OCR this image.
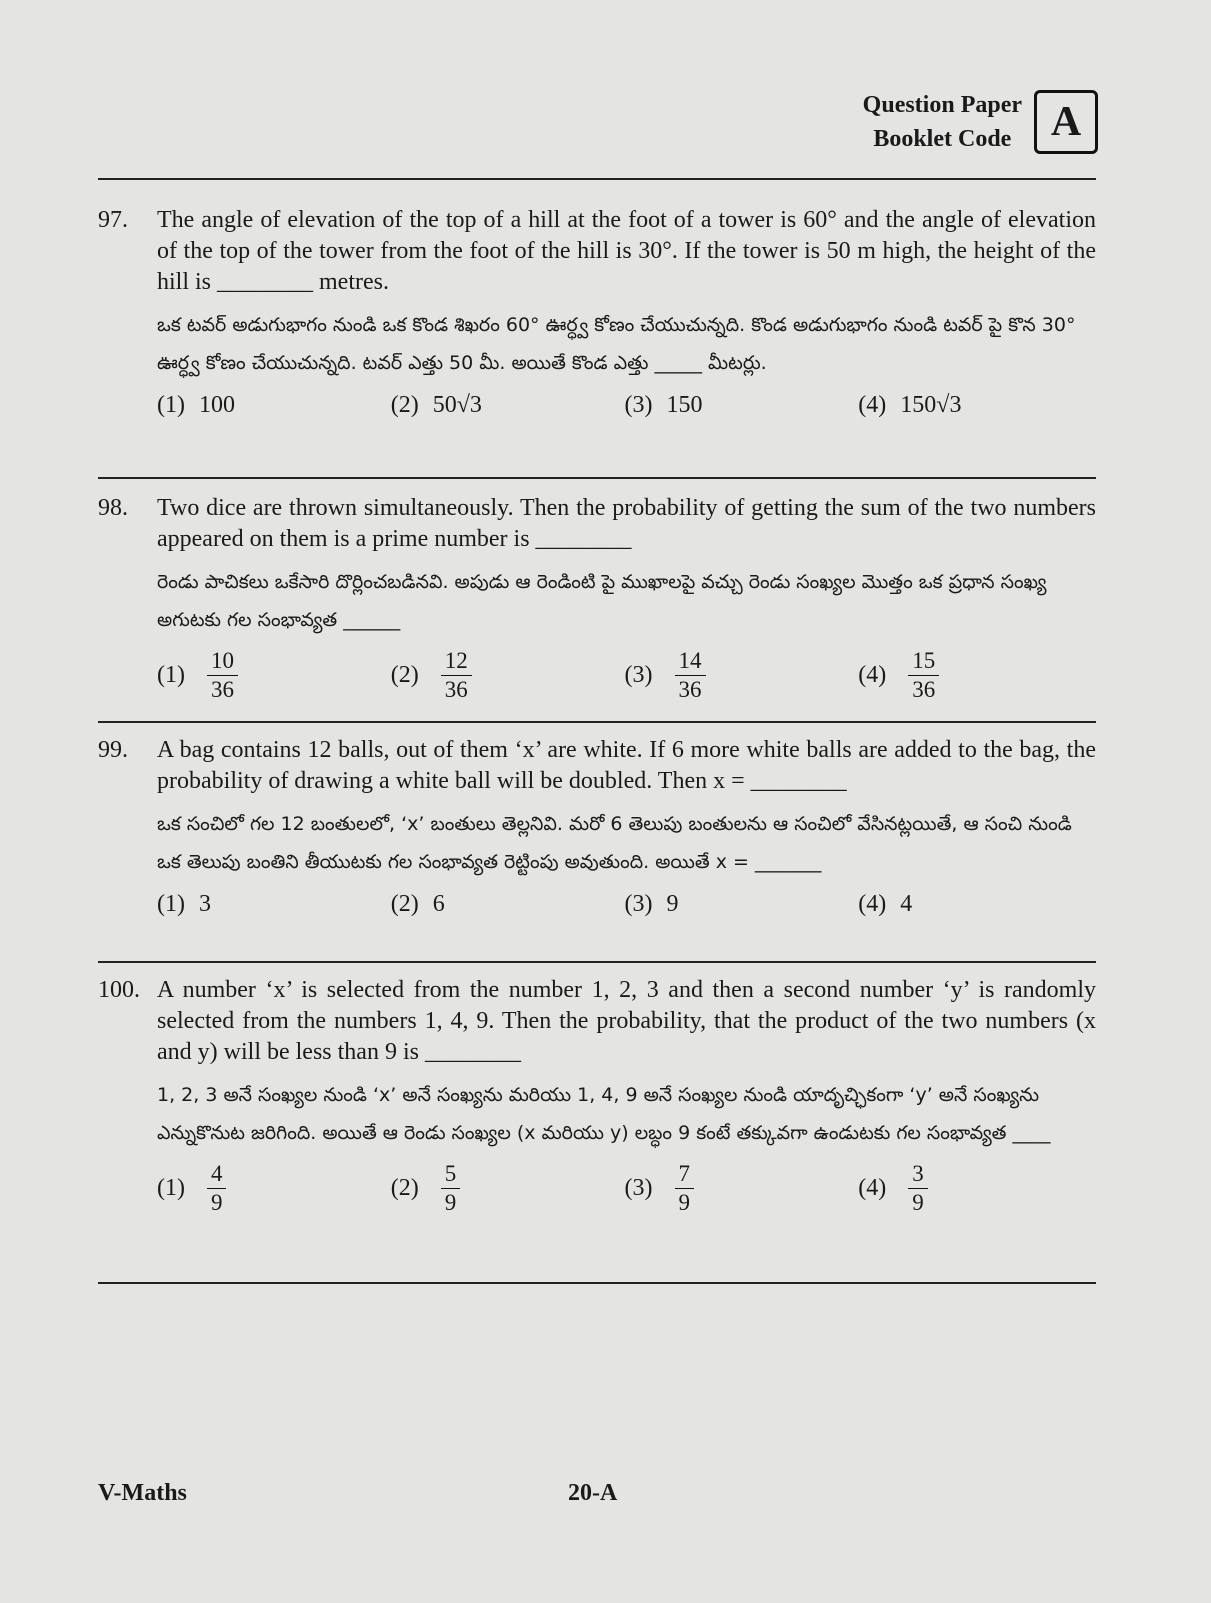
Question Paper
Booklet Code A
97. The angle of elevation of the top of a hill at the foot of a tower is 60° and the angle of elevation of the top of the tower from the foot of the hill is 30°. If the tower is 50 m high, the height of the hill is ________ metres.
ఒక టవర్ అడుగుభాగం నుండి ఒక కొండ శిఖరం 60° ఊర్ధ్వ కోణం చేయుచున్నది. కొండ అడుగుభాగం నుండి టవర్ పై కొన 30° ఊర్ధ్వ కోణం చేయుచున్నది. టవర్ ఎత్తు 50 మీ. అయితే కొండ ఎత్తు _____ మీటర్లు.
(1) 100	(2) 50√3	(3) 150	(4) 150√3
98. Two dice are thrown simultaneously. Then the probability of getting the sum of the two numbers appeared on them is a prime number is ________
రెండు పాచికలు ఒకేసారి దొర్లించబడినవి. అపుడు ఆ రెండింటి పై ముఖాలపై వచ్చు రెండు సంఖ్యల మొత్తం ఒక ప్రధాన సంఖ్య అగుటకు గల సంభావ్యత ______
$(1) \frac{10}{36}$	$(2) \frac{12}{36}$	$(3) \frac{14}{36}$	$(4) \frac{15}{36}$
99. A bag contains 12 balls, out of them ‘x’ are white. If 6 more white balls are added to the bag, the probability of drawing a white ball will be doubled. Then x = ________
ఒక సంచిలో గల 12 బంతులలో, ‘x’ బంతులు తెల్లనివి. మరో 6 తెలుపు బంతులను ఆ సంచిలో వేసినట్లయితే, ఆ సంచి నుండి ఒక తెలుపు బంతిని తీయుటకు గల సంభావ్యత రెట్టింపు అవుతుంది. అయితే x = _______
(1) 3	(2) 6	(3) 9	(4) 4
100. A number ‘x’ is selected from the number 1, 2, 3 and then a second number ‘y’ is randomly selected from the numbers 1, 4, 9. Then the probability, that the product of the two numbers (x and y) will be less than 9 is ________
1, 2, 3 అనే సంఖ్యల నుండి ‘x’ అనే సంఖ్యను మరియు 1, 4, 9 అనే సంఖ్యల నుండి యాదృచ్ఛికంగా ‘y’ అనే సంఖ్యను ఎన్నుకొనుట జరిగింది. అయితే ఆ రెండు సంఖ్యల (x మరియు y) లబ్ధం 9 కంటే తక్కువగా ఉండుటకు గల సంభావ్యత ____
$(1) \frac{4}{9}$	$(2) \frac{5}{9}$	$(3) \frac{7}{9}$	$(4) \frac{3}{9}$
V-Maths	20-A
